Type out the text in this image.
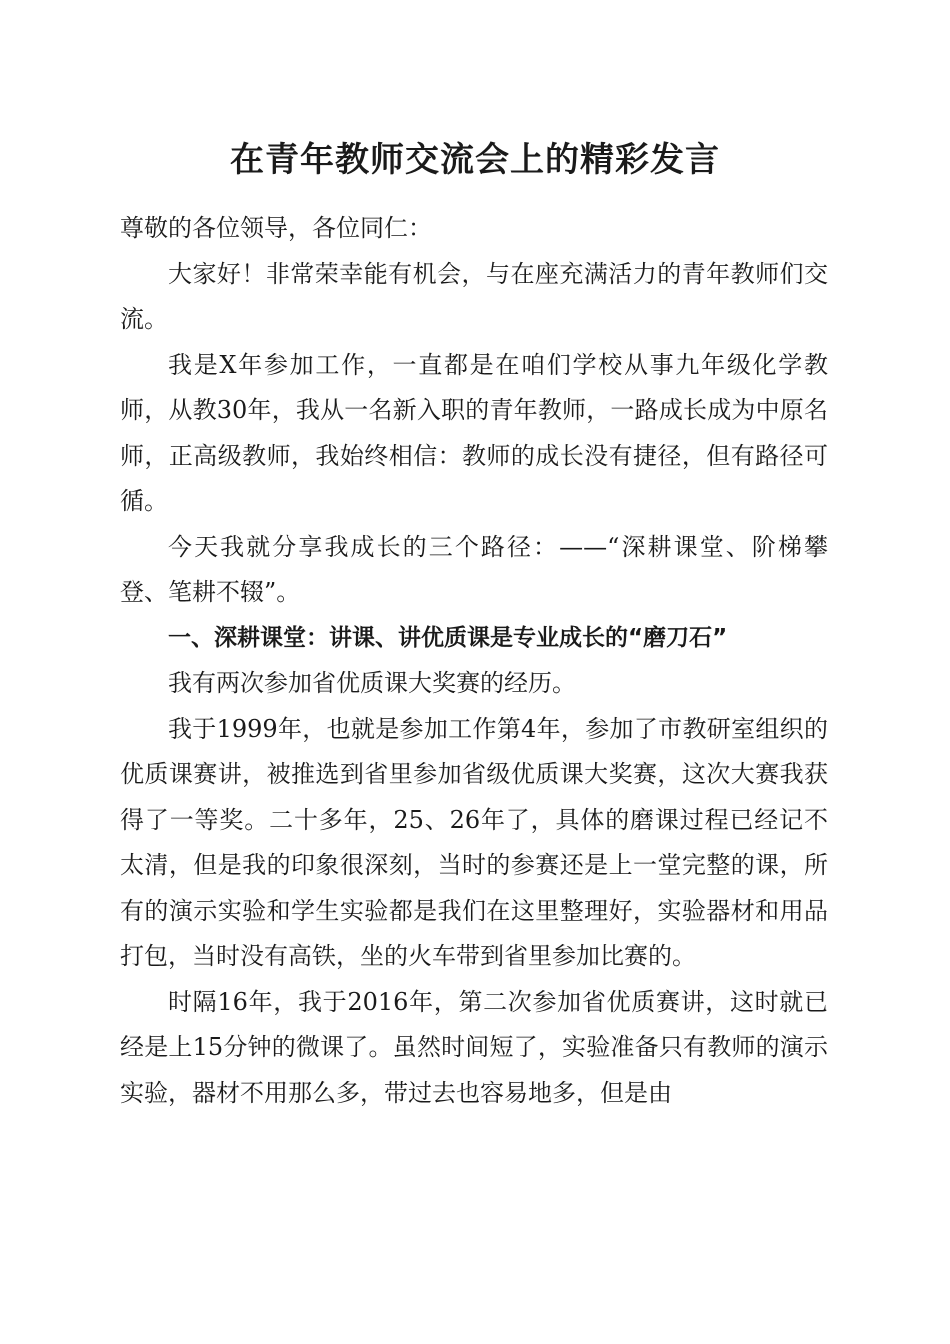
在青年教师交流会上的精彩发言

尊敬的各位领导，各位同仁：

大家好！非常荣幸能有机会，与在座充满活力的青年教师们交流。

我是X年参加工作，一直都是在咱们学校从事九年级化学教师，从教30年，我从一名新入职的青年教师，一路成长成为中原名师，正高级教师，我始终相信：教师的成长没有捷径，但有路径可循。

今天我就分享我成长的三个路径：——“深耕课堂、阶梯攀登、笔耕不辍”。

一、深耕课堂：讲课、讲优质课是专业成长的“磨刀石”

我有两次参加省优质课大奖赛的经历。

我于1999年，也就是参加工作第4年，参加了市教研室组织的优质课赛讲，被推选到省里参加省级优质课大奖赛，这次大赛我获得了一等奖。二十多年，25、26年了，具体的磨课过程已经记不太清，但是我的印象很深刻，当时的参赛还是上一堂完整的课，所有的演示实验和学生实验都是我们在这里整理好，实验器材和用品打包，当时没有高铁，坐的火车带到省里参加比赛的。

时隔16年，我于2016年，第二次参加省优质赛讲，这时就已经是上15分钟的微课了。虽然时间短了，实验准备只有教师的演示实验，器材不用那么多，带过去也容易地多，但是由
